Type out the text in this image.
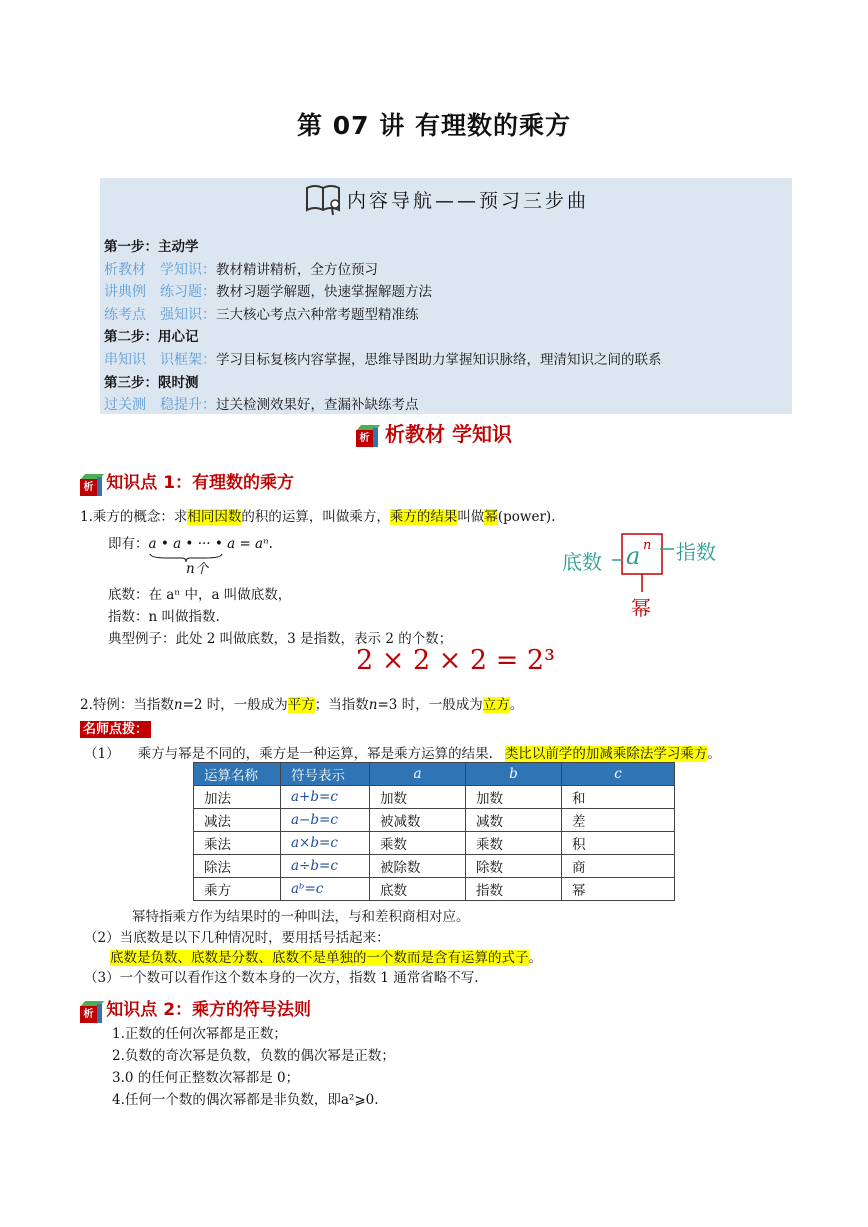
第 07 讲 有理数的乘方
内容导航——预习三步曲
第一步：主动学
析教材　学知识：教材精讲精析，全方位预习
讲典例　练习题：教材习题学解题，快速掌握解题方法
练考点　强知识：三大核心考点六种常考题型精准练
第二步：用心记
串知识　识框架：学习目标复核内容掌握，思维导图助力掌握知识脉络，理清知识之间的联系
第三步：限时测
过关测　稳提升：过关检测效果好，查漏补缺练考点
析 析教材 学知识
析 知识点 1：有理数的乘方
1.乘方的概念：求相同因数的积的运算，叫做乘方，乘方的结果叫做幂(power).
即有：a • a • ··· • a
= aⁿ.
n个
底数：在 aⁿ 中，a 叫做底数，
指数：n 叫做指数.
典型例子：此处 2 叫做底数，3 是指数，表示 2 的个数；
2 × 2 × 2 = 2³
底数 a n 指数
幂
2.特例：当指数n=2 时，一般成为平方；当指数n=3 时，一般成为立方。
名师点拨：
（1） 乘方与幂是不同的，乘方是一种运算，幂是乘方运算的结果. 类比以前学的加减乘除法学习乘方。
运算名称	符号表示	a	b	c
加法	a+b=c	加数	加数	和
减法	a−b=c	被减数	减数	差
乘法	a×b=c	乘数	乘数	积
除法	a÷b=c	被除数	除数	商
乘方	aᵇ=c	底数	指数	幂
幂特指乘方作为结果时的一种叫法，与和差积商相对应。
（2）当底数是以下几种情况时，要用括号括起来：
底数是负数、底数是分数、底数不是单独的一个数而是含有运算的式子。
（3）一个数可以看作这个数本身的一次方，指数 1 通常省略不写.
析 知识点 2：乘方的符号法则
1.正数的任何次幂都是正数；
2.负数的奇次幂是负数，负数的偶次幂是正数；
3.0 的任何正整数次幂都是 0；
4.任何一个数的偶次幂都是非负数，即a²⩾0.
